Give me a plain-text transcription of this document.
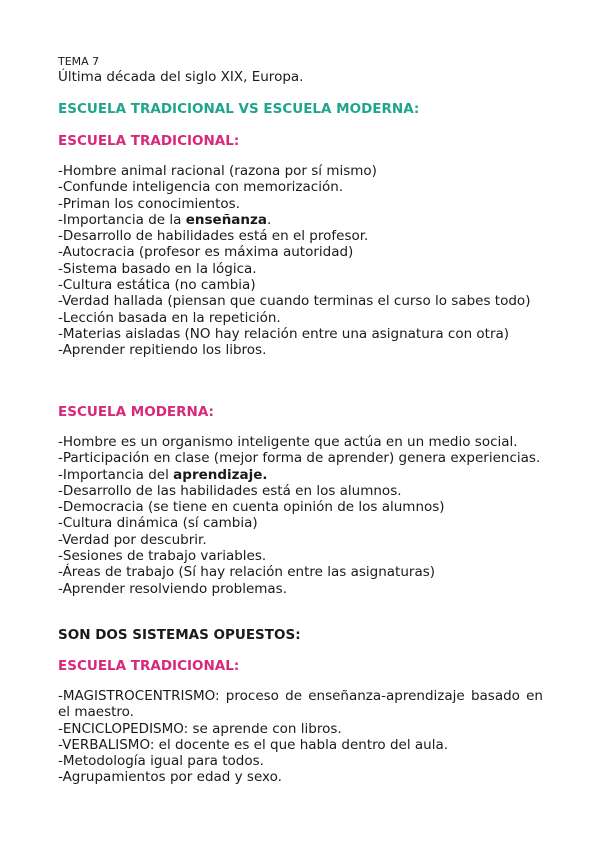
TEMA 7
Última década del siglo XIX, Europa.
ESCUELA TRADICIONAL VS ESCUELA MODERNA:
ESCUELA TRADICIONAL:
-Hombre animal racional (razona por sí mismo)
-Confunde inteligencia con memorización.
-Priman los conocimientos.
-Importancia de la enseñanza.
-Desarrollo de habilidades está en el profesor.
-Autocracia (profesor es máxima autoridad)
-Sistema basado en la lógica.
-Cultura estática (no cambia)
-Verdad hallada (piensan que cuando terminas el curso lo sabes todo)
-Lección basada en la repetición.
-Materias aisladas (NO hay relación entre una asignatura con otra)
-Aprender repitiendo los libros.
ESCUELA MODERNA:
-Hombre es un organismo inteligente que actúa en un medio social.
-Participación en clase (mejor forma de aprender) genera experiencias.
-Importancia del aprendizaje.
-Desarrollo de las habilidades está en los alumnos.
-Democracia (se tiene en cuenta opinión de los alumnos)
-Cultura dinámica (sí cambia)
-Verdad por descubrir.
-Sesiones de trabajo variables.
-Áreas de trabajo (Sí hay relación entre las asignaturas)
-Aprender resolviendo problemas.
SON DOS SISTEMAS OPUESTOS:
ESCUELA TRADICIONAL:
-MAGISTROCENTRISMO: proceso de enseñanza-aprendizaje basado en el maestro.
-ENCICLOPEDISMO: se aprende con libros.
-VERBALISMO: el docente es el que habla dentro del aula.
-Metodología igual para todos.
-Agrupamientos por edad y sexo.
